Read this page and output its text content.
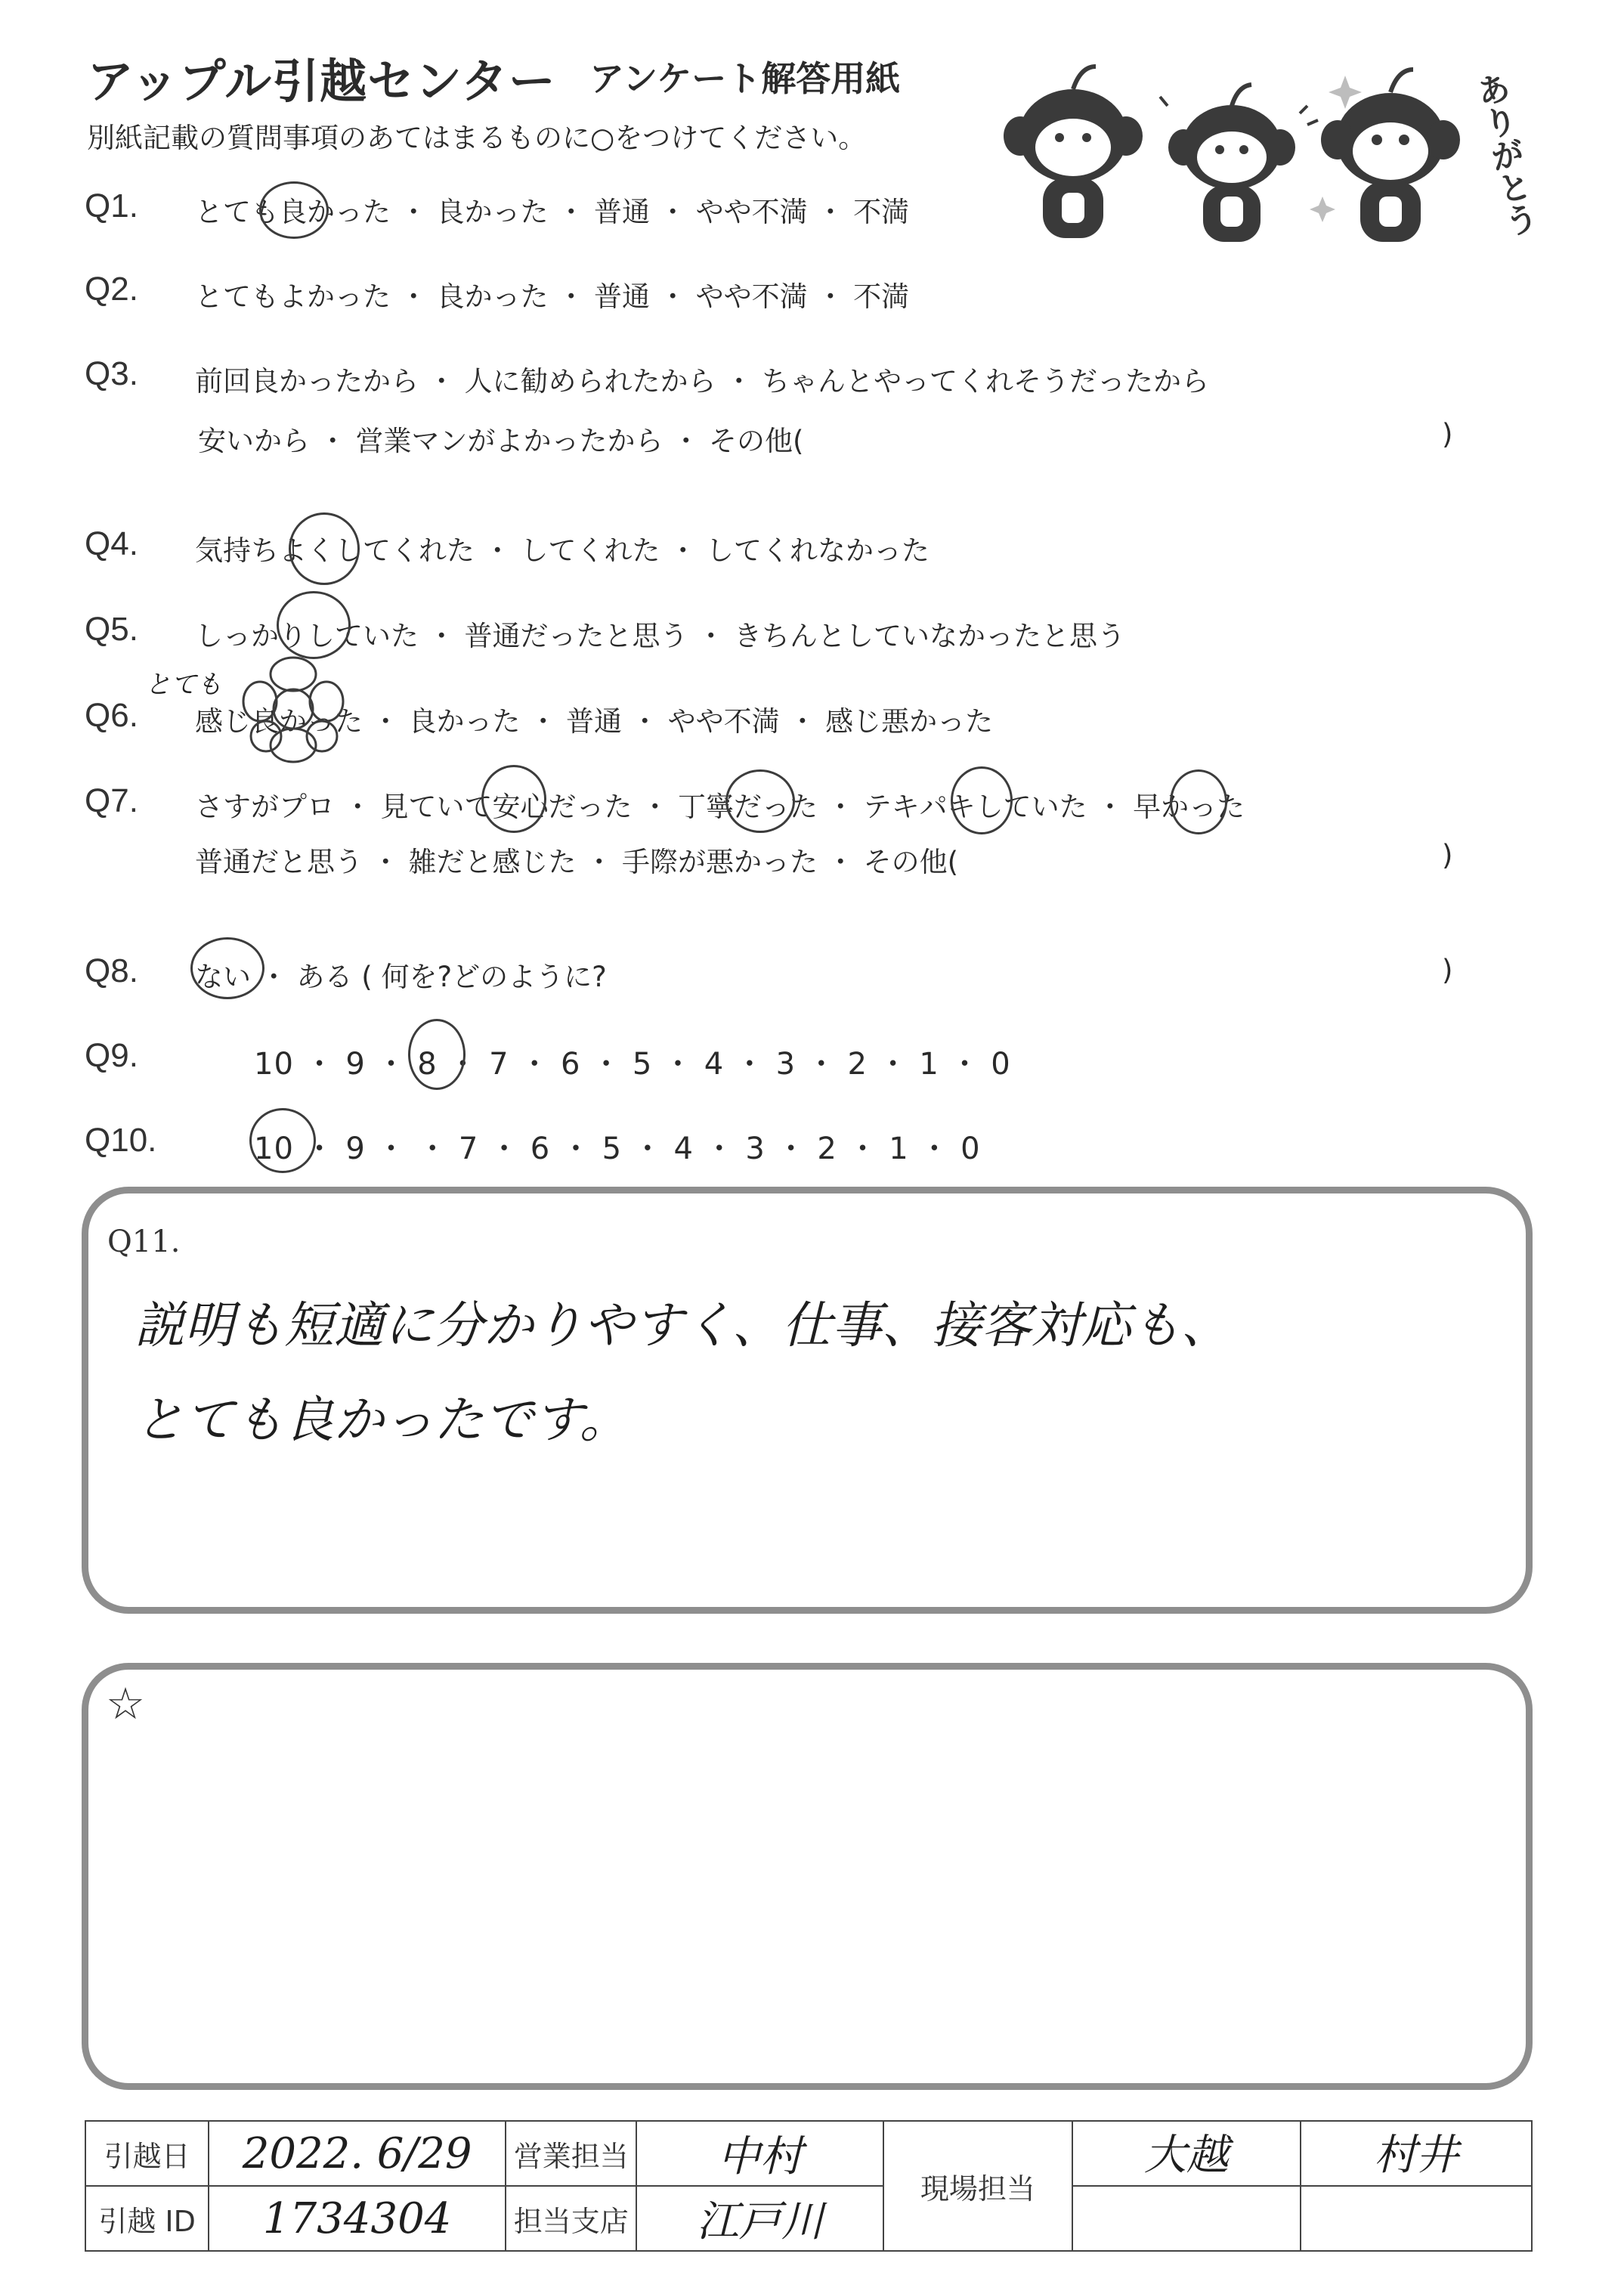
アップル引越センター アンケート解答用紙
別紙記載の質問事項のあてはまるものに○をつけてください。	ありがとう
Q1. とても良かった ・ 良かった ・ 普通 ・ やや不満 ・ 不満
Q2. とてもよかった ・ 良かった ・ 普通 ・ やや不満 ・ 不満
Q3. 前回良かったから ・ 人に勧められたから ・ ちゃんとやってくれそうだったから
安いから ・ 営業マンがよかったから ・ その他(	)
Q4. 気持ちよくしてくれた ・ してくれた ・ してくれなかった
Q5. しっかりしていた ・ 普通だったと思う ・ きちんとしていなかったと思う
とても
Q6. 感じ良かった ・ 良かった ・ 普通 ・ やや不満 ・ 感じ悪かった
Q7. さすがプロ ・ 見ていて安心だった ・ 丁寧だった ・ テキパキしていた ・ 早かった
普通だと思う ・ 雑だと感じた ・ 手際が悪かった ・ その他(	)
Q8. ない ・ ある ( 何を?どのように?	)
Q9.	10 ・ 9 ・ 8 ・ 7 ・ 6 ・ 5 ・ 4 ・ 3 ・ 2 ・ 1 ・ 0
Q10.	10 ・ 9 ・ ・ 7 ・ 6 ・ 5 ・ 4 ・ 3 ・ 2 ・ 1 ・ 0
Q11.
説明も短適に分かりやすく、仕事、接客対応も、
とても良かったです。
☆
引越日	2022. 6/29	営業担当	中村	現場担当	大越	村井
引越 ID	1734304	担当支店	江戸川			
